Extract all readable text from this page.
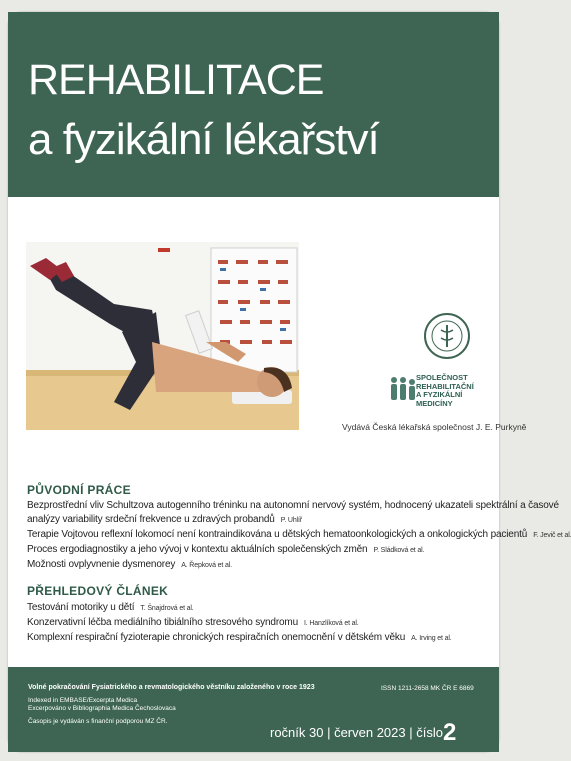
REHABILITACE
a fyzikální lékařství
SPOLEČNOST
REHABILITAČNÍ
A FYZIKÁLNÍ
MEDICÍNY
Vydává Česká lékařská společnost J. E. Purkyně
PŮVODNÍ PRÁCE
Bezprostřední vliv Schultzova autogenního tréninku na autonomní nervový systém, hodnocený ukazateli spektrální a časové
analýzy variability srdeční frekvence u zdravých probandů P. Uhlíř
Terapie Vojtovou reflexní lokomocí není kontraindikována u dětských hematoonkologických a onkologických pacientů F. Jevič et al.
Proces ergodiagnostiky a jeho vývoj v kontextu aktuálních společenských změn P. Sládková et al.
Možnosti ovplyvnenie dysmenorey A. Řepková et al.
PŘEHLEDOVÝ ČLÁNEK
Testování motoriky u dětí T. Šnajdrová et al.
Konzervativní léčba mediálního tibiálního stresového syndromu I. Hanzlíková et al.
Komplexní respirační fyzioterapie chronických respiračních onemocnění v dětském věku A. Irving et al.
Volné pokračování Fysiatrického a revmatologického věstníku založeného v roce 1923
Indexed in EMBASE/Excerpta Medica
Excerpováno v Bibliographia Medica Čechoslovaca
Časopis je vydáván s finanční podporou MZ ČR.
ISSN 1211-2658 MK ČR E 6869
ročník 30 | červen 2023 | číslo2
